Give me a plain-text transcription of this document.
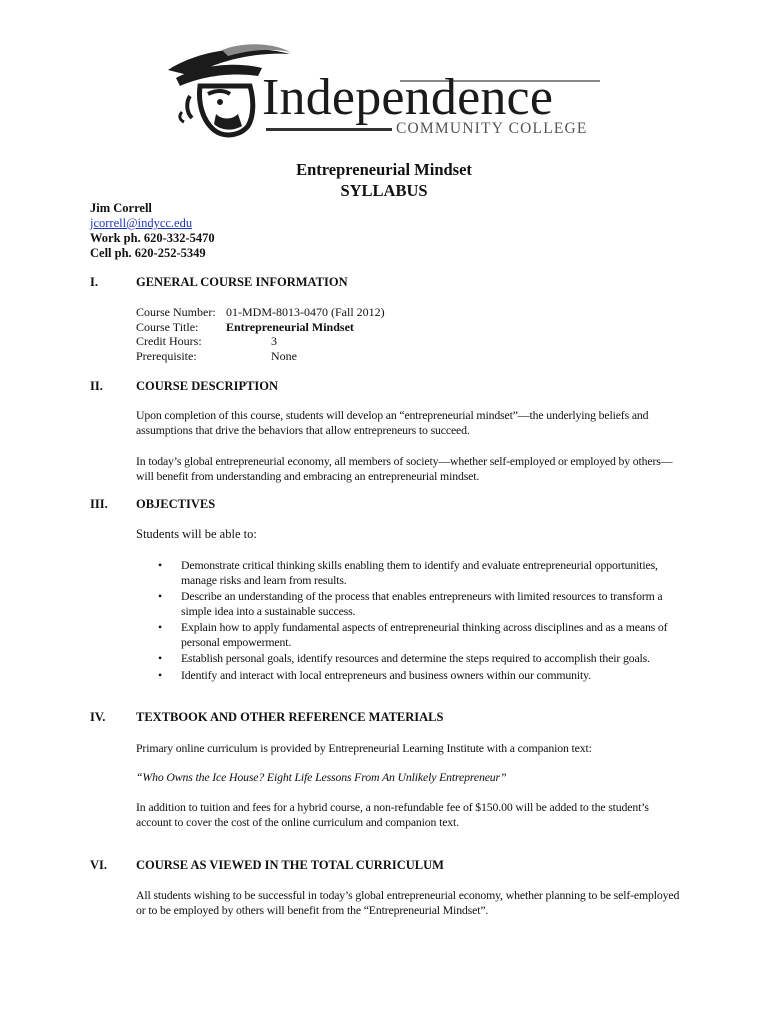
Independence
COMMUNITY COLLEGE
Entrepreneurial Mindset
SYLLABUS
Jim Correll
jcorrell@indycc.edu
Work ph. 620-332-5470
Cell ph. 620-252-5349
I.	GENERAL COURSE INFORMATION
Course Number: 01-MDM-8013-0470 (Fall 2012)
Course Title: Entrepreneurial Mindset
Credit Hours:	3
Prerequisite:	None
II.	COURSE DESCRIPTION
Upon completion of this course, students will develop an “entrepreneurial mindset”—the underlying beliefs and assumptions that drive the behaviors that allow entrepreneurs to succeed.
In today’s global entrepreneurial economy, all members of society—whether self-employed or employed by others—will benefit from understanding and embracing an entrepreneurial mindset.
III. OBJECTIVES
Students will be able to:
• Demonstrate critical thinking skills enabling them to identify and evaluate entrepreneurial opportunities, manage risks and learn from results.
• Describe an understanding of the process that enables entrepreneurs with limited resources to transform a simple idea into a sustainable success.
• Explain how to apply fundamental aspects of entrepreneurial thinking across disciplines and as a means of personal empowerment.
• Establish personal goals, identify resources and determine the steps required to accomplish their goals.
• Identify and interact with local entrepreneurs and business owners within our community.
IV. TEXTBOOK AND OTHER REFERENCE MATERIALS
Primary online curriculum is provided by Entrepreneurial Learning Institute with a companion text:
“Who Owns the Ice House? Eight Life Lessons From An Unlikely Entrepreneur”
In addition to tuition and fees for a hybrid course, a non-refundable fee of $150.00 will be added to the student’s account to cover the cost of the online curriculum and companion text.
VI. COURSE AS VIEWED IN THE TOTAL CURRICULUM
All students wishing to be successful in today’s global entrepreneurial economy, whether planning to be self-employed or to be employed by others will benefit from the “Entrepreneurial Mindset”.
